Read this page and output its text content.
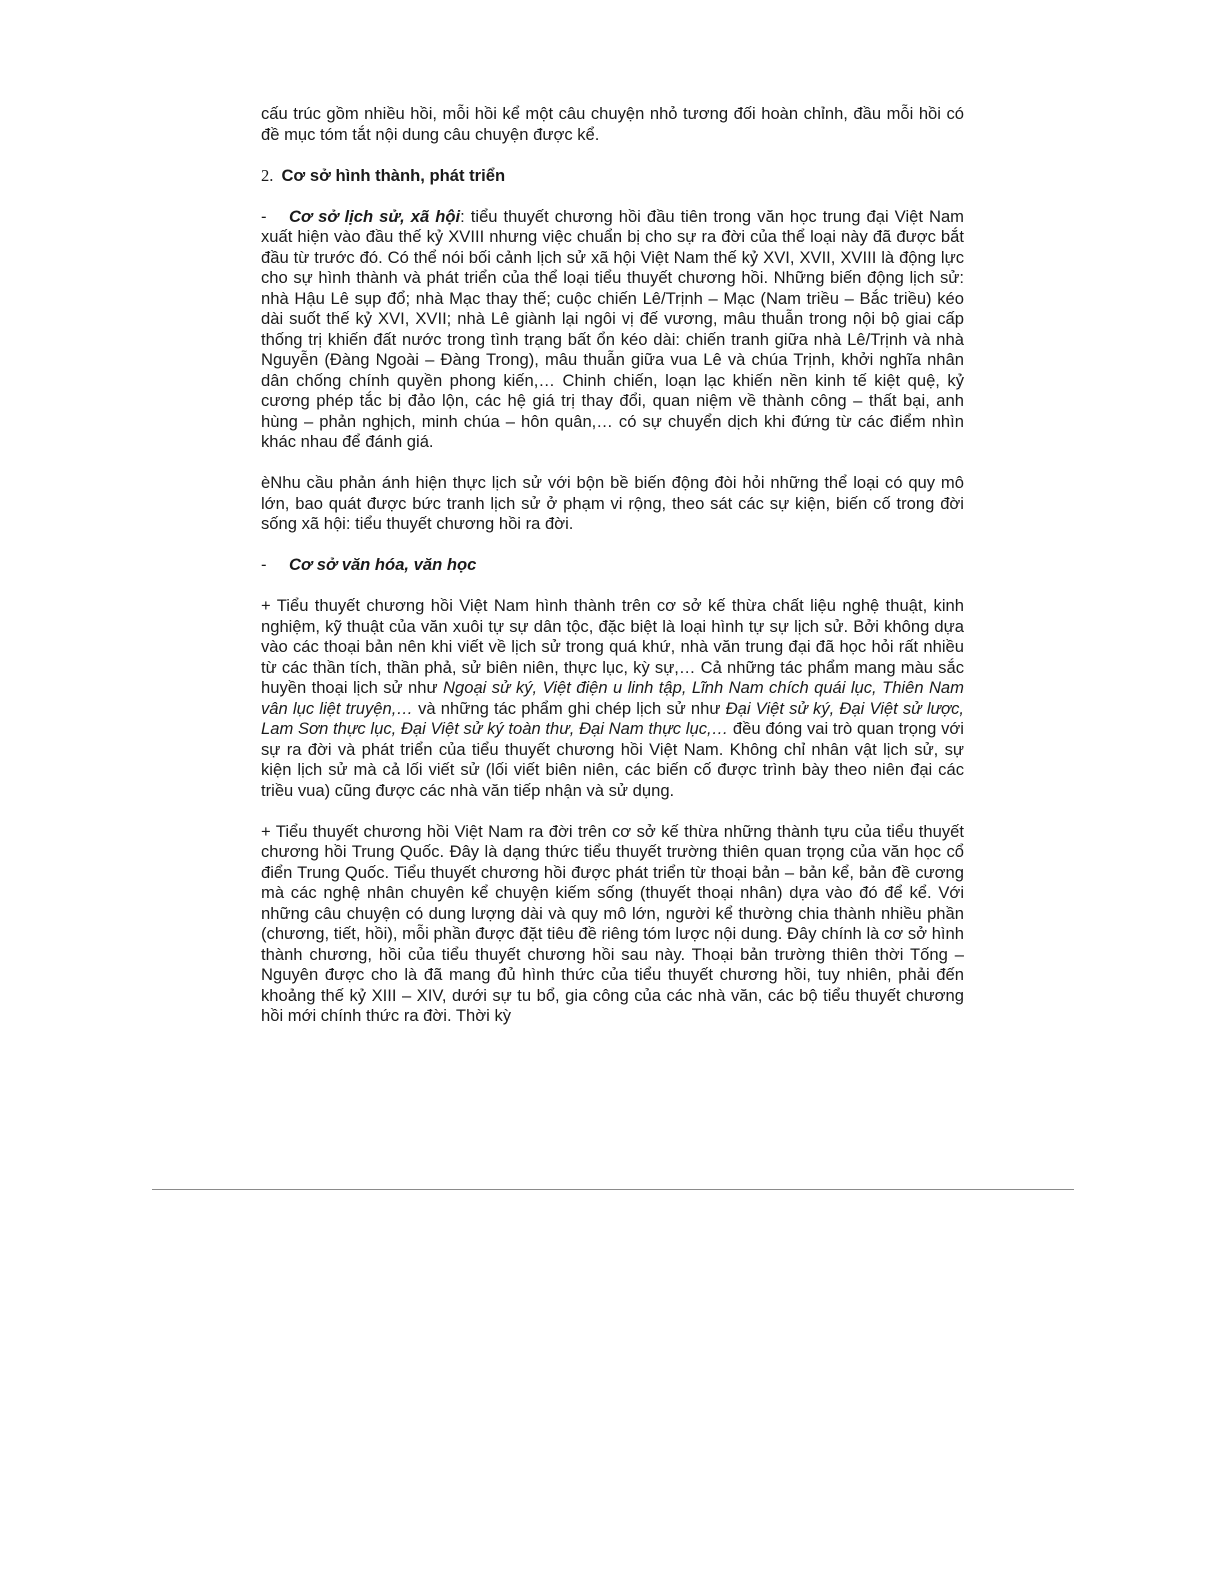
cấu trúc gồm nhiều hồi, mỗi hồi kể một câu chuyện nhỏ tương đối hoàn chỉnh, đầu mỗi hồi có đề mục tóm tắt nội dung câu chuyện được kể.

2. Cơ sở hình thành, phát triển

- Cơ sở lịch sử, xã hội: tiểu thuyết chương hồi đầu tiên trong văn học trung đại Việt Nam xuất hiện vào đầu thế kỷ XVIII nhưng việc chuẩn bị cho sự ra đời của thể loại này đã được bắt đầu từ trước đó. Có thể nói bối cảnh lịch sử xã hội Việt Nam thế kỷ XVI, XVII, XVIII là động lực cho sự hình thành và phát triển của thể loại tiểu thuyết chương hồi. Những biến động lịch sử: nhà Hậu Lê sụp đổ; nhà Mạc thay thế; cuộc chiến Lê/Trịnh – Mạc (Nam triều – Bắc triều) kéo dài suốt thế kỷ XVI, XVII; nhà Lê giành lại ngôi vị đế vương, mâu thuẫn trong nội bộ giai cấp thống trị khiến đất nước trong tình trạng bất ổn kéo dài: chiến tranh giữa nhà Lê/Trịnh và nhà Nguyễn (Đàng Ngoài – Đàng Trong), mâu thuẫn giữa vua Lê và chúa Trịnh, khởi nghĩa nhân dân chống chính quyền phong kiến,… Chinh chiến, loạn lạc khiến nền kinh tế kiệt quệ, kỷ cương phép tắc bị đảo lộn, các hệ giá trị thay đổi, quan niệm về thành công – thất bại, anh hùng – phản nghịch, minh chúa – hôn quân,… có sự chuyển dịch khi đứng từ các điểm nhìn khác nhau để đánh giá.

èNhu cầu phản ánh hiện thực lịch sử với bộn bề biến động đòi hỏi những thể loại có quy mô lớn, bao quát được bức tranh lịch sử ở phạm vi rộng, theo sát các sự kiện, biến cố trong đời sống xã hội: tiểu thuyết chương hồi ra đời.

- Cơ sở văn hóa, văn học

+ Tiểu thuyết chương hồi Việt Nam hình thành trên cơ sở kế thừa chất liệu nghệ thuật, kinh nghiệm, kỹ thuật của văn xuôi tự sự dân tộc, đặc biệt là loại hình tự sự lịch sử. Bởi không dựa vào các thoại bản nên khi viết về lịch sử trong quá khứ, nhà văn trung đại đã học hỏi rất nhiều từ các thần tích, thần phả, sử biên niên, thực lục, kỳ sự,… Cả những tác phẩm mang màu sắc huyền thoại lịch sử như Ngoại sử ký, Việt điện u linh tập, Lĩnh Nam chích quái lục, Thiên Nam vân lục liệt truyện,… và những tác phẩm ghi chép lịch sử như Đại Việt sử ký, Đại Việt sử lược, Lam Sơn thực lục, Đại Việt sử ký toàn thư, Đại Nam thực lục,… đều đóng vai trò quan trọng với sự ra đời và phát triển của tiểu thuyết chương hồi Việt Nam. Không chỉ nhân vật lịch sử, sự kiện lịch sử mà cả lối viết sử (lối viết biên niên, các biến cố được trình bày theo niên đại các triều vua) cũng được các nhà văn tiếp nhận và sử dụng.

+ Tiểu thuyết chương hồi Việt Nam ra đời trên cơ sở kế thừa những thành tựu của tiểu thuyết chương hồi Trung Quốc. Đây là dạng thức tiểu thuyết trường thiên quan trọng của văn học cổ điển Trung Quốc. Tiểu thuyết chương hồi được phát triển từ thoại bản – bản kể, bản đề cương mà các nghệ nhân chuyên kể chuyện kiếm sống (thuyết thoại nhân) dựa vào đó để kể. Với những câu chuyện có dung lượng dài và quy mô lớn, người kể thường chia thành nhiều phần (chương, tiết, hồi), mỗi phần được đặt tiêu đề riêng tóm lược nội dung. Đây chính là cơ sở hình thành chương, hồi của tiểu thuyết chương hồi sau này. Thoại bản trường thiên thời Tống – Nguyên được cho là đã mang đủ hình thức của tiểu thuyết chương hồi, tuy nhiên, phải đến khoảng thế kỷ XIII – XIV, dưới sự tu bổ, gia công của các nhà văn, các bộ tiểu thuyết chương hồi mới chính thức ra đời. Thời kỳ
